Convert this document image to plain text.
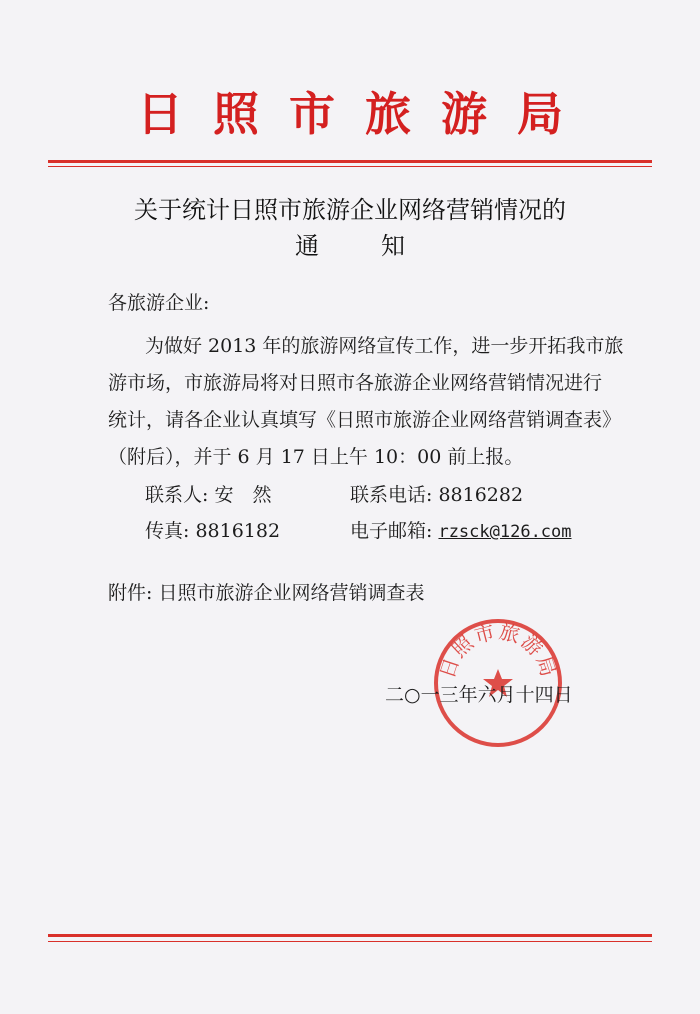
日照市旅游局
关于统计日照市旅游企业网络营销情况的
通知
各旅游企业:
为做好 2013 年的旅游网络宣传工作，进一步开拓我市旅
游市场，市旅游局将对日照市各旅游企业网络营销情况进行
统计，请各企业认真填写《日照市旅游企业网络营销调查表》
（附后），并于 6 月 17 日上午 10：00 前上报。
联系人: 安　然	联系电话: 8816282
传真: 8816182	电子邮箱: rzsck@126.com
附件: 日照市旅游企业网络营销调查表
日照市旅游局
二○一三年六月十四日
